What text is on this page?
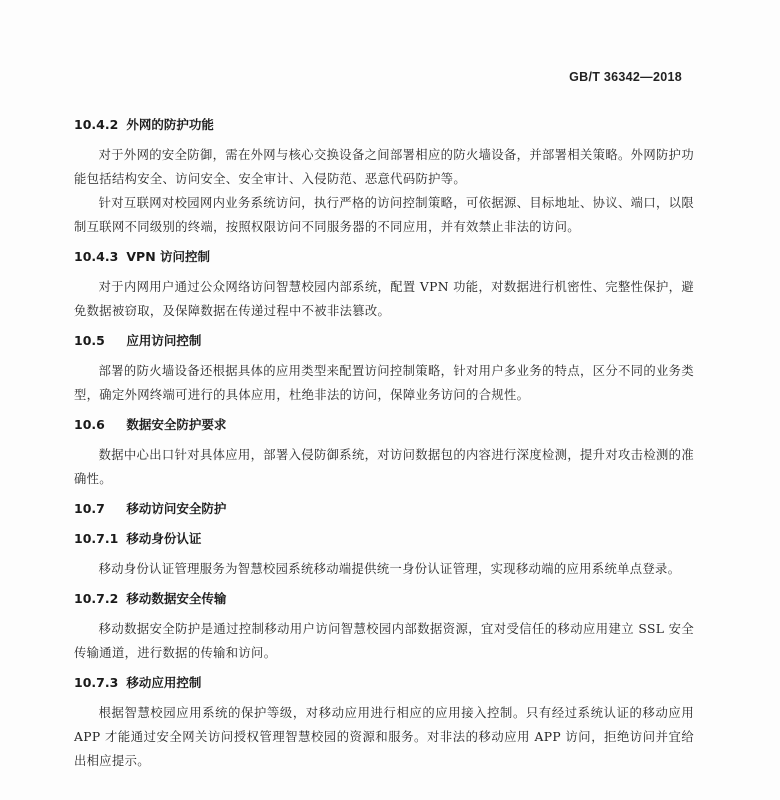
GB/T 36342—2018
10.4.2 外网的防护功能

对于外网的安全防御，需在外网与核心交换设备之间部署相应的防火墙设备，并部署相关策略。外网防护功能包括结构安全、访问安全、安全审计、入侵防范、恶意代码防护等。

针对互联网对校园网内业务系统访问，执行严格的访问控制策略，可依据源、目标地址、协议、端口，以限制互联网不同级别的终端，按照权限访问不同服务器的不同应用，并有效禁止非法的访问。

10.4.3 VPN 访问控制

对于内网用户通过公众网络访问智慧校园内部系统，配置 VPN 功能，对数据进行机密性、完整性保护，避免数据被窃取，及保障数据在传递过程中不被非法篡改。

10.5 应用访问控制

部署的防火墙设备还根据具体的应用类型来配置访问控制策略，针对用户多业务的特点，区分不同的业务类型，确定外网终端可进行的具体应用，杜绝非法的访问，保障业务访问的合规性。

10.6 数据安全防护要求

数据中心出口针对具体应用，部署入侵防御系统，对访问数据包的内容进行深度检测，提升对攻击检测的准确性。

10.7 移动访问安全防护
10.7.1 移动身份认证

移动身份认证管理服务为智慧校园系统移动端提供统一身份认证管理，实现移动端的应用系统单点登录。

10.7.2 移动数据安全传输

移动数据安全防护是通过控制移动用户访问智慧校园内部数据资源，宜对受信任的移动应用建立 SSL 安全传输通道，进行数据的传输和访问。

10.7.3 移动应用控制

根据智慧校园应用系统的保护等级，对移动应用进行相应的应用接入控制。只有经过系统认证的移动应用 APP 才能通过安全网关访问授权管理智慧校园的资源和服务。对非法的移动应用 APP 访问，拒绝访问并宜给出相应提示。
